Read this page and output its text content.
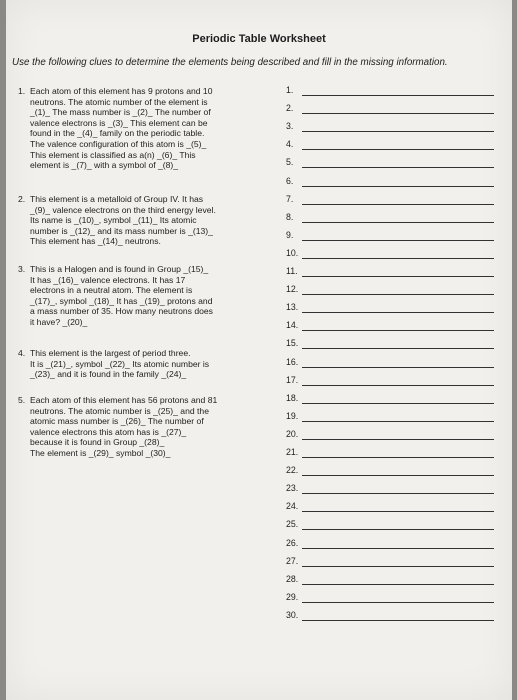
Periodic Table Worksheet
Use the following clues to determine the elements being described and fill in the missing information.
1. Each atom of this element has 9 protons and 10
neutrons. The atomic number of the element is
_(1)_ The mass number is _(2)_ The number of
valence electrons is _(3)_ This element can be
found in the _(4)_ family on the periodic table.
The valence configuration of this atom is _(5)_
This element is classified as a(n) _(6)_ This
element is _(7)_ with a symbol of _(8)_
2. This element is a metalloid of Group IV. It has
_(9)_ valence electrons on the third energy level.
Its name is _(10)_, symbol _(11)_ Its atomic
number is _(12)_ and its mass number is _(13)_
This element has _(14)_ neutrons.
3. This is a Halogen and is found in Group _(15)_
It has _(16)_ valence electrons. It has 17
electrons in a neutral atom. The element is
_(17)_, symbol _(18)_ It has _(19)_ protons and
a mass number of 35. How many neutrons does
it have? _(20)_
4. This element is the largest of period three.
It is _(21)_, symbol _(22)_ Its atomic number is
_(23)_ and it is found in the family _(24)_
5. Each atom of this element has 56 protons and 81
neutrons. The atomic number is _(25)_ and the
atomic mass number is _(26)_ The number of
valence electrons this atom has is _(27)_
because it is found in Group _(28)_
The element is _(29)_ symbol _(30)_
1.
2.
3.
4.
5.
6.
7.
8.
9.
10.
11.
12.
13.
14.
15.
16.
17.
18.
19.
20.
21.
22.
23.
24.
25.
26.
27.
28.
29.
30.
